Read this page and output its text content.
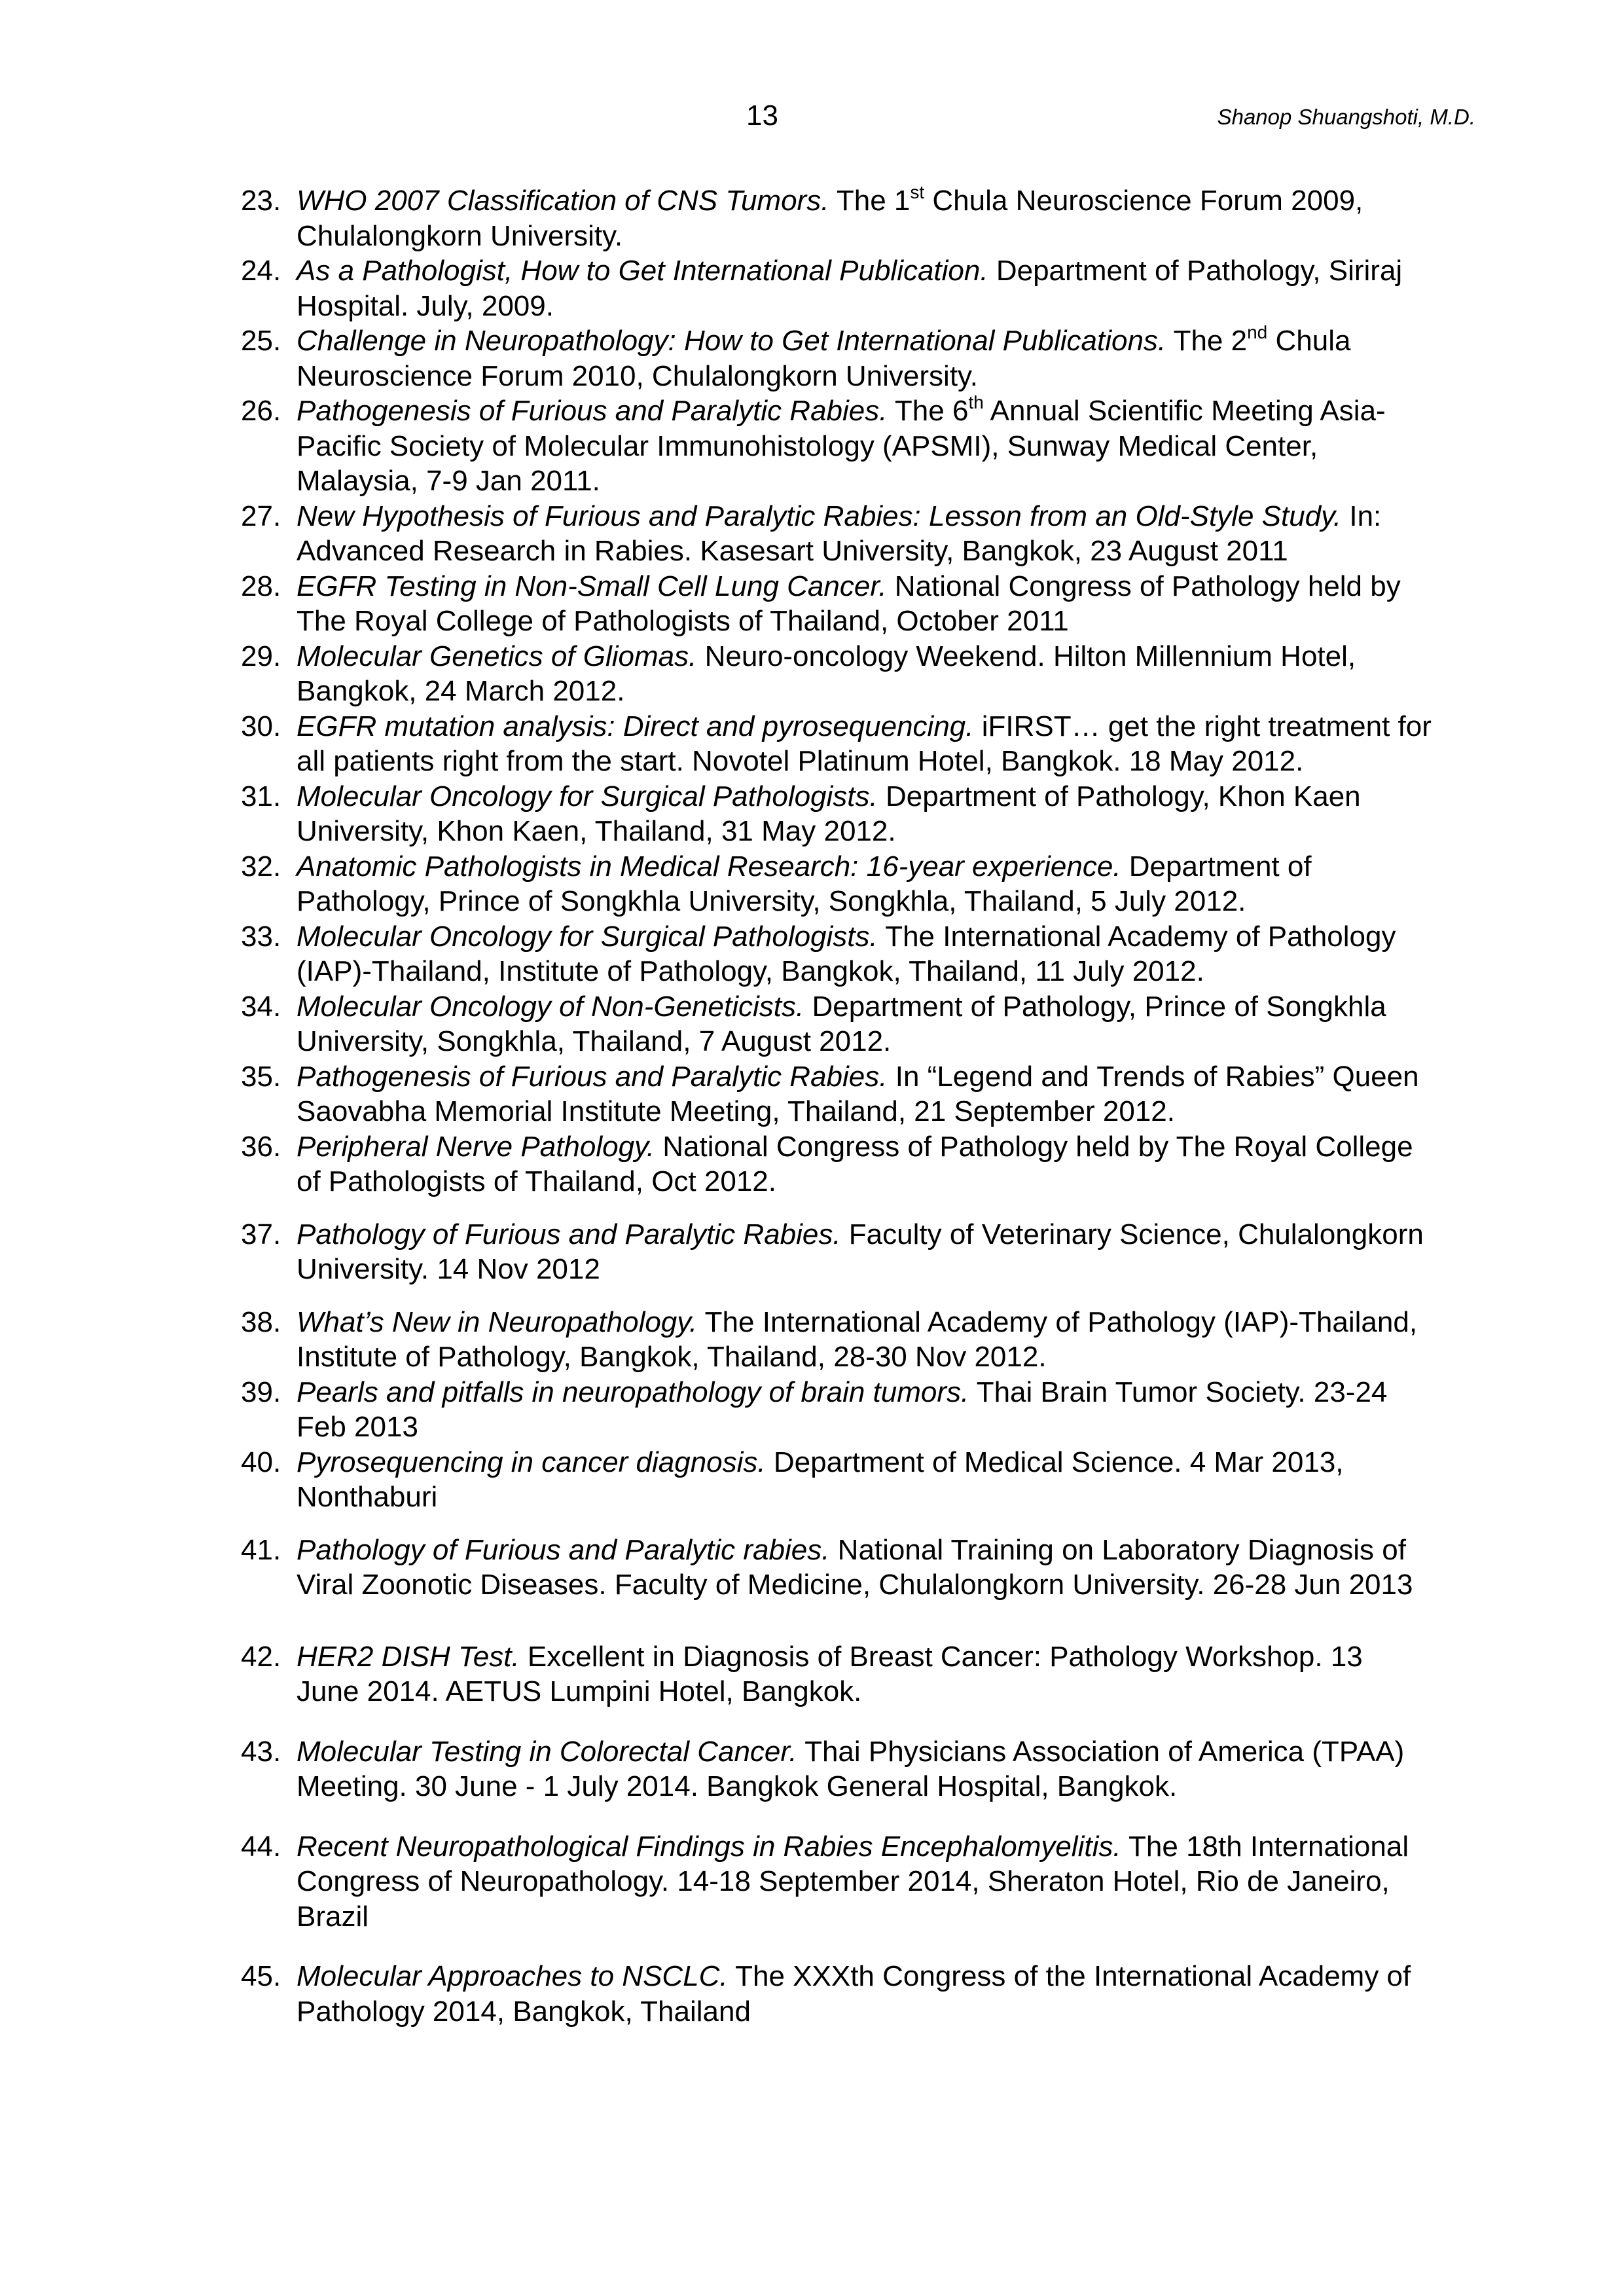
13	Shanop Shuangshoti, M.D.
23. WHO 2007 Classification of CNS Tumors. The 1st Chula Neuroscience Forum 2009, Chulalongkorn University.
24. As a Pathologist, How to Get International Publication. Department of Pathology, Siriraj Hospital. July, 2009.
25. Challenge in Neuropathology: How to Get International Publications. The 2nd Chula Neuroscience Forum 2010, Chulalongkorn University.
26. Pathogenesis of Furious and Paralytic Rabies. The 6th Annual Scientific Meeting Asia-Pacific Society of Molecular Immunohistology (APSMI), Sunway Medical Center, Malaysia, 7-9 Jan 2011.
27. New Hypothesis of Furious and Paralytic Rabies: Lesson from an Old-Style Study. In: Advanced Research in Rabies. Kasesart University, Bangkok, 23 August 2011
28. EGFR Testing in Non-Small Cell Lung Cancer. National Congress of Pathology held by The Royal College of Pathologists of Thailand, October 2011
29. Molecular Genetics of Gliomas. Neuro-oncology Weekend. Hilton Millennium Hotel, Bangkok, 24 March 2012.
30. EGFR mutation analysis: Direct and pyrosequencing. iFIRST… get the right treatment for all patients right from the start. Novotel Platinum Hotel, Bangkok. 18 May 2012.
31. Molecular Oncology for Surgical Pathologists. Department of Pathology, Khon Kaen University, Khon Kaen, Thailand, 31 May 2012.
32. Anatomic Pathologists in Medical Research: 16-year experience. Department of Pathology, Prince of Songkhla University, Songkhla, Thailand, 5 July 2012.
33. Molecular Oncology for Surgical Pathologists. The International Academy of Pathology (IAP)-Thailand, Institute of Pathology, Bangkok, Thailand, 11 July 2012.
34. Molecular Oncology of Non-Geneticists. Department of Pathology, Prince of Songkhla University, Songkhla, Thailand, 7 August 2012.
35. Pathogenesis of Furious and Paralytic Rabies. In “Legend and Trends of Rabies” Queen Saovabha Memorial Institute Meeting, Thailand, 21 September 2012.
36. Peripheral Nerve Pathology. National Congress of Pathology held by The Royal College of Pathologists of Thailand, Oct 2012.
37. Pathology of Furious and Paralytic Rabies. Faculty of Veterinary Science, Chulalongkorn University. 14 Nov 2012
38. What’s New in Neuropathology. The International Academy of Pathology (IAP)-Thailand, Institute of Pathology, Bangkok, Thailand, 28-30 Nov 2012.
39. Pearls and pitfalls in neuropathology of brain tumors. Thai Brain Tumor Society. 23-24 Feb 2013
40. Pyrosequencing in cancer diagnosis. Department of Medical Science. 4 Mar 2013, Nonthaburi
41. Pathology of Furious and Paralytic rabies. National Training on Laboratory Diagnosis of Viral Zoonotic Diseases. Faculty of Medicine, Chulalongkorn University. 26-28 Jun 2013
42. HER2 DISH Test. Excellent in Diagnosis of Breast Cancer: Pathology Workshop. 13 June 2014. AETUS Lumpini Hotel, Bangkok.
43. Molecular Testing in Colorectal Cancer. Thai Physicians Association of America (TPAA) Meeting. 30 June - 1 July 2014. Bangkok General Hospital, Bangkok.
44. Recent Neuropathological Findings in Rabies Encephalomyelitis. The 18th International Congress of Neuropathology. 14-18 September 2014, Sheraton Hotel, Rio de Janeiro, Brazil
45. Molecular Approaches to NSCLC. The XXXth Congress of the International Academy of Pathology 2014, Bangkok, Thailand
